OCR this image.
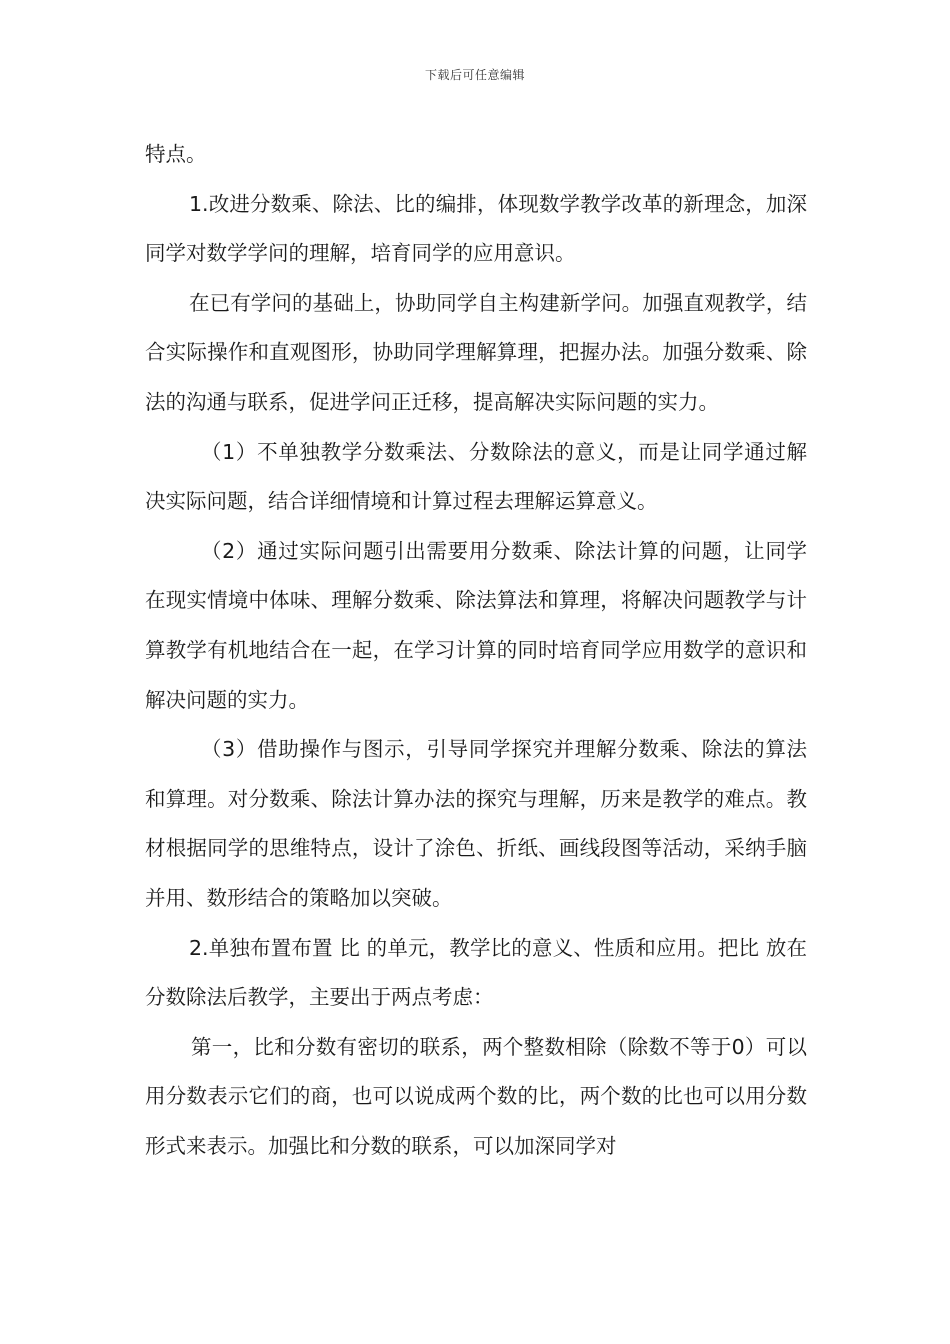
下载后可任意编辑

特点。

1.改进分数乘、除法、比的编排，体现数学教学改革的新理念，加深同学对数学学问的理解，培育同学的应用意识。

在已有学问的基础上，协助同学自主构建新学问。加强直观教学，结合实际操作和直观图形，协助同学理解算理，把握办法。加强分数乘、除法的沟通与联系，促进学问正迁移，提高解决实际问题的实力。

（1）不单独教学分数乘法、分数除法的意义，而是让同学通过解决实际问题，结合详细情境和计算过程去理解运算意义。

（2）通过实际问题引出需要用分数乘、除法计算的问题，让同学在现实情境中体味、理解分数乘、除法算法和算理，将解决问题教学与计算教学有机地结合在一起，在学习计算的同时培育同学应用数学的意识和解决问题的实力。

（3）借助操作与图示，引导同学探究并理解分数乘、除法的算法和算理。对分数乘、除法计算办法的探究与理解，历来是教学的难点。教材根据同学的思维特点，设计了涂色、折纸、画线段图等活动，采纳手脑并用、数形结合的策略加以突破。

2.单独布置布置 比 的单元，教学比的意义、性质和应用。把比 放在分数除法后教学，主要出于两点考虑：

第一，比和分数有密切的联系，两个整数相除（除数不等于0）可以用分数表示它们的商，也可以说成两个数的比，两个数的比也可以用分数形式来表示。加强比和分数的联系，可以加深同学对
